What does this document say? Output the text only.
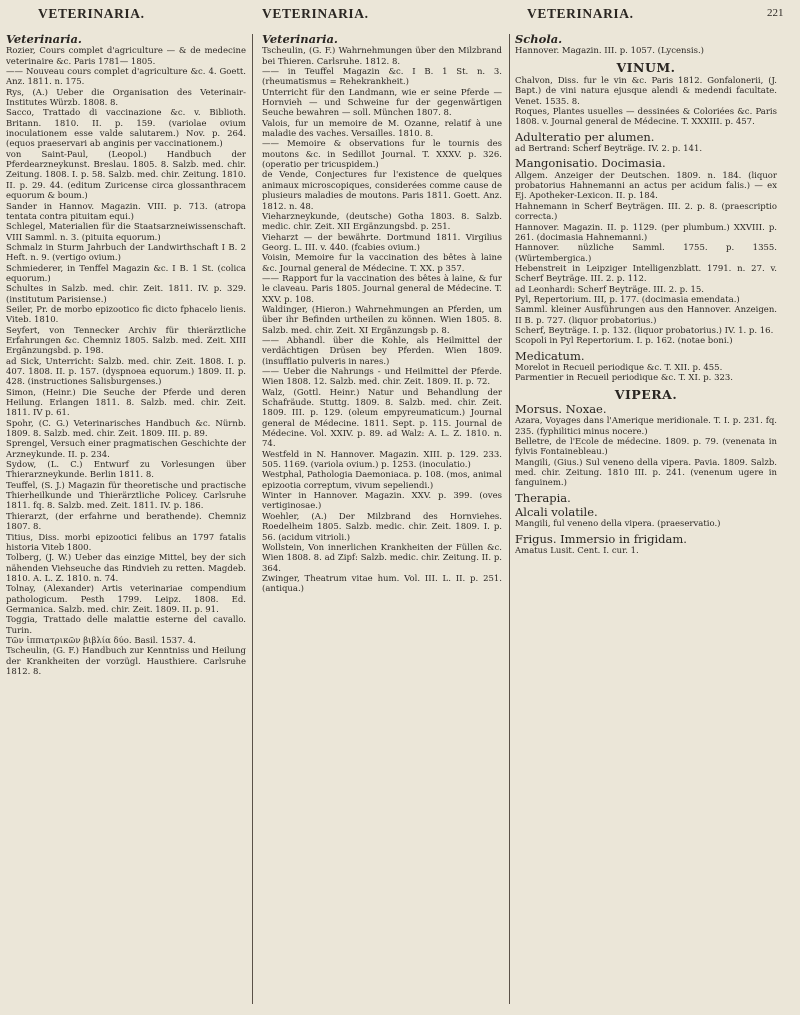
VETERINARIA.	VETERINARIA.	VETERINARIA.	221
Veterinaria.

Rozier, Cours complet d'agriculture — & de medecine veterinaire &c. Paris 1781— 1805.

—— Nouveau cours complet d'agriculture &c. 4. Goett. Anz. 1811. n. 175.

Rys, (A.) Ueber die Organisation des Veterinair-Institutes Würzb. 1808. 8.

Sacco, Trattado di vaccinazione &c. v. Biblioth. Britann. 1810. II. p. 159. (variolae ovium inoculationem esse valde salutarem.) Nov. p. 264. (equos praeservari ab anginis per vaccinationem.)

von Saint-Paul, (Leopol.) Handbuch der Pferdearzneykunst. Breslau. 1805. 8. Salzb. med. chir. Zeitung. 1808. I. p. 58. Salzb. med. chir. Zeitung. 1810. II. p. 29. 44. (editum Zuricense circa glossanthracem equorum & boum.)

Sander in Hannov. Magazin. VIII. p. 713. (atropa tentata contra pituitam equi.)

Schlegel, Materialien für die Staatsarzneiwissenschaft. VIII Samml. n. 3. (pituita equorum.)

Schmalz in Sturm Jahrbuch der Landwirthschaft I B. 2 Heft. n. 9. (vertigo ovium.)

Schmiederer, in Tenffel Magazin &c. I B. 1 St. (colica equorum.)

Schultes in Salzb. med. chir. Zeit. 1811. IV. p. 329. (institutum Parisiense.)

Seiler, Pr. de morbo epizootico fic dicto fphacelo lienis. Viteb. 1810.

Seyfert, von Tennecker Archiv für thierärztliche Erfahrungen &c. Chemniz 1805. Salzb. med. Zeit. XIII Ergänzungsbd. p. 198.

ad Sick, Unterricht: Salzb. med. chir. Zeit. 1808. I. p. 407. 1808. II. p. 157. (dyspnoea equorum.) 1809. II. p. 428. (instructiones Salisburgenses.)

Simon, (Heinr.) Die Seuche der Pferde und deren Heilung. Erlangen 1811. 8. Salzb. med. chir. Zeit. 1811. IV p. 61.

Spohr, (C. G.) Veterinarisches Handbuch &c. Nürnb. 1809. 8. Salzb. med. chir. Zeit. 1809. III. p. 89.

Sprengel, Versuch einer pragmatischen Geschichte der Arzneykunde. II. p. 234.

Sydow, (L. C.) Entwurf zu Vorlesungen über Thierarzneykunde. Berlin 1811. 8.

Teuffel, (S. J.) Magazin für theoretische und practische Thierheilkunde und Thierärztliche Policey. Carlsruhe 1811. fq. 8. Salzb. med. Zeit. 1811. IV. p. 186.

Thierarzt, (der erfahrne und berathende). Chemniz 1807. 8.

Titius, Diss. morbi epizootici felibus an 1797 fatalis historia Viteb 1800.

Tolberg, (J. W.) Ueber das einzige Mittel, bey der sich nähenden Viehseuche das Rindvieh zu retten. Magdeb. 1810. A. L. Z. 1810. n. 74.

Tolnay, (Alexander) Artis veterinariae compendium pathologicum. Pesth 1799. Leipz. 1808. Ed. Germanica. Salzb. med. chir. Zeit. 1809. II. p. 91.

Toggia, Trattado delle malattie esterne del cavallo. Turin.

Τῶν ἱππιατρικῶν βιβλία δύο. Basil. 1537. 4.

Tscheulin, (G. F.) Handbuch zur Kenntniss und Heilung der Krankheiten der vorzügl. Hausthiere. Carlsruhe 1812. 8.

Veterinaria.

Tscheulin, (G. F.) Wahrnehmungen über den Milzbrand bei Thieren. Carlsruhe. 1812. 8.

—— in Teuffel Magazin &c. I B. 1 St. n. 3. (rheumatismus = Rehekrankheit.)

Unterricht für den Landmann, wie er seine Pferde — Hornvieh — und Schweine fur der gegenwärtigen Seuche bewahren — soll. München 1807. 8.

Valois, fur un memoire de M. Ozanne, relatif à une maladie des vaches. Versailles. 1810. 8.

—— Memoire & observations fur le tournis des moutons &c. in Sedillot Journal. T. XXXV. p. 326. (operatio per tricuspidem.)

de Vende, Conjectures fur l'existence de quelques animaux microscopiques, considerées comme cause de plusieurs maladies de moutons. Paris 1811. Goett. Anz. 1812. n. 48.

Vieharzneykunde, (deutsche) Gotha 1803. 8. Salzb. medic. chir. Zeit. XII Ergänzungsbd. p. 251.

Vieharzt — der bewährte. Dortmund 1811. Virgilius Georg. L. III. v. 440. (fcabies ovium.)

Voisin, Memoire fur la vaccination des bêtes à laine &c. Journal general de Médecine. T. XX. p 357.

—— Rapport fur la vaccination des bêtes à laine, & fur le claveau. Paris 1805. Journal general de Médecine. T. XXV. p. 108.

Waldinger, (Hieron.) Wahrnehmungen an Pferden, um über ihr Befinden urtheilen zu können. Wien 1805. 8. Salzb. med. chir. Zeit. XI Ergänzungsb p. 8.

—— Abhandl. über die Kohle, als Heilmittel der verdächtigen Drüsen bey Pferden. Wien 1809. (insufflatio pulveris in nares.)

—— Ueber die Nahrungs - und Heilmittel der Pferde. Wien 1808. 12. Salzb. med. chir. Zeit. 1809. II. p. 72.

Walz, (Gottl. Heinr.) Natur und Behandlung der Schafräude. Stuttg. 1809. 8. Salzb. med. chir. Zeit. 1809. III. p. 129. (oleum empyreumaticum.) Journal general de Médecine. 1811. Sept. p. 115. Journal de Médecine. Vol. XXIV. p. 89. ad Walz: A. L. Z. 1810. n. 74.

Westfeld in N. Hannover. Magazin. XIII. p. 129. 233. 505. 1169. (variola ovium.) p. 1253. (inoculatio.)

Westphal, Pathologia Daemoniaca. p. 108. (mos, animal epizootia correptum, vivum sepeliendi.)

Winter in Hannover. Magazin. XXV. p. 399. (oves vertiginosae.)

Woehler, (A.) Der Milzbrand des Hornviehes. Roedelheim 1805. Salzb. medic. chir. Zeit. 1809. I. p. 56. (acidum vitrioli.)

Wollstein, Von innerlichen Krankheiten der Füllen &c. Wien 1808. 8. ad Zipf: Salzb. medic. chir. Zeitung. II. p. 364.

Zwinger, Theatrum vitae hum. Vol. III. L. II. p. 251. (antiqua.)

Schola.

Hannover. Magazin. III. p. 1057. (Lycensis.)

VINUM.

Chalvon, Diss. fur le vin &c. Paris 1812. Gonfalonerii, (J. Bapt.) de vini natura ejusque alendi & medendi facultate. Venet. 1535. 8.

Roques, Plantes usuelles — dessinées & Coloriées &c. Paris 1808. v. Journal general de Médecine. T. XXXIII. p. 457.

Adulteratio per alumen.

ad Bertrand: Scherf Beyträge. IV. 2. p. 141.

Mangonisatio. Docimasia.

Allgem. Anzeiger der Deutschen. 1809. n. 184. (liquor probatorius Hahnemanni an actus per acidum falis.) — ex Ej. Apotheker-Lexicon. II. p. 184.

Hahnemann in Scherf Beyträgen. III. 2. p. 8. (praescriptio correcta.)

Hannover. Magazin. II. p. 1129. (per plumbum.) XXVIII. p. 261. (docimasia Hahnemanni.)

Hannover. nüzliche Samml. 1755. p. 1355. (Würtembergica.)

Hebenstreit in Leipziger Intelligenzblatt. 1791. n. 27. v. Scherf Beyträge. III. 2. p. 112.

ad Leonhardi: Scherf Beyträge. III. 2. p. 15.

Pyl, Repertorium. III, p. 177. (docimasia emendata.)

Samml. kleiner Ausführungen aus den Hannover. Anzeigen. II B. p. 727. (liquor probatorius.)

Scherf, Beyträge. I. p. 132. (liquor probatorius.) IV. 1. p. 16.

Scopoli in Pyl Repertorium. I. p. 162. (notae boni.)

Medicatum.

Morelot in Recueil periodique &c. T. XII. p. 455.

Parmentier in Recueil periodique &c. T. XI. p. 323.

VIPERA.
Morsus. Noxae.

Azara, Voyages dans l'Amerique meridionale. T. I. p. 231. fq. 235. (fyphilitici minus nocere.)

Belletre, de l'Ecole de médecine. 1809. p. 79. (venenata in fylvis Fontainebleau.)

Mangili, (Gius.) Sul veneno della vipera. Pavia. 1809. Salzb. med. chir. Zeitung. 1810 III. p. 241. (venenum ugere in fanguinem.)

Therapia.
Alcali volatile.

Mangili, ful veneno della vipera. (praeservatio.)

Frigus. Immersio in frigidam.

Amatus Lusit. Cent. I. cur. 1.
